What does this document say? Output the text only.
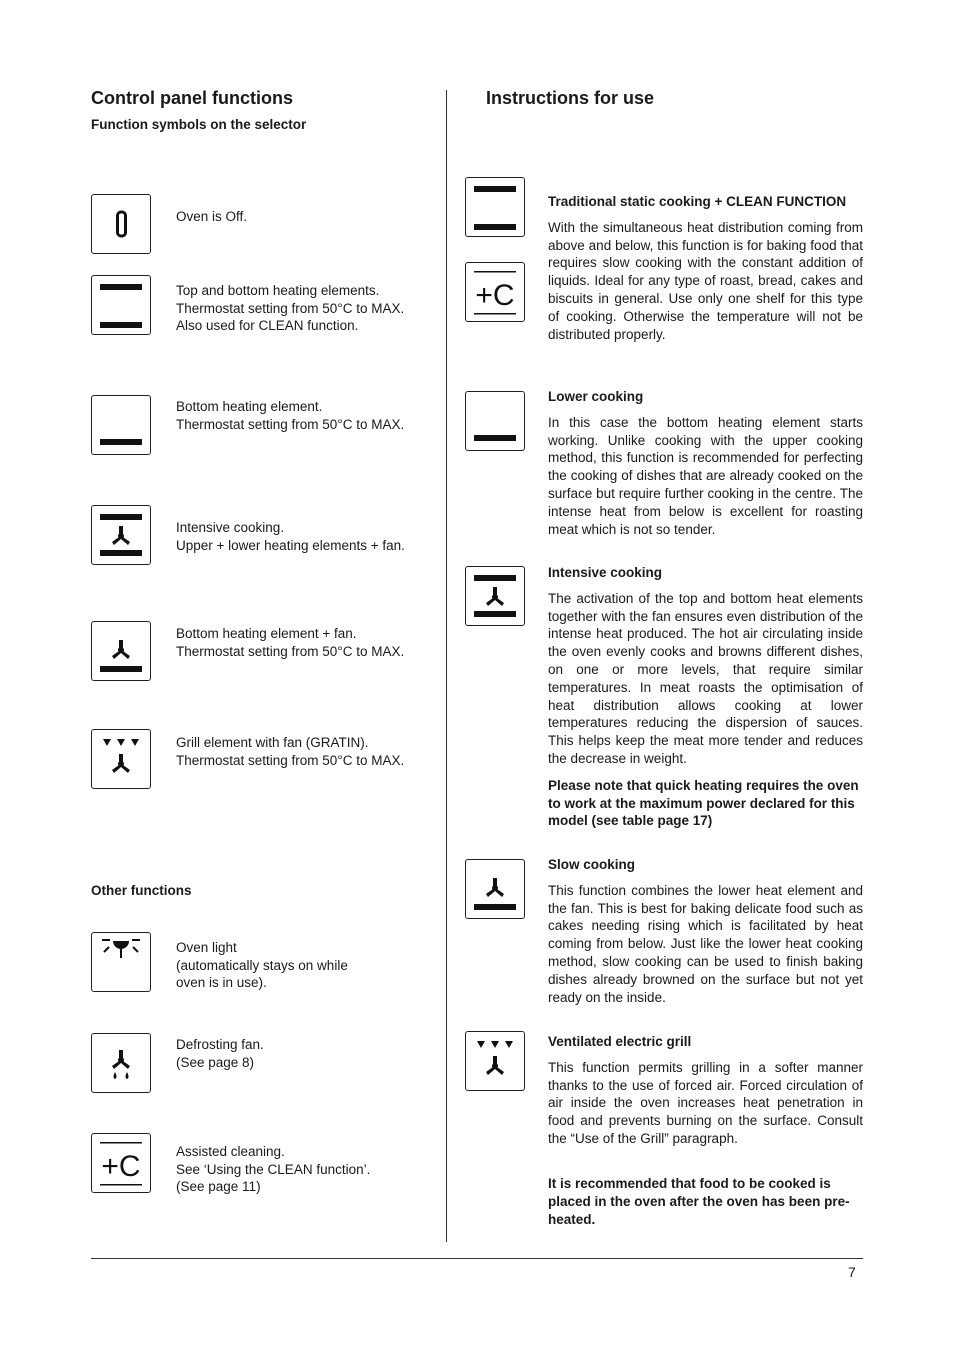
Control panel functions
Function symbols on the selector
Instructions for use
Oven is Off.
Top and bottom heating elements.
Thermostat setting from 50°C to MAX.
Also used for CLEAN function.
Bottom heating element.
Thermostat setting from 50°C to MAX.
Intensive cooking.
Upper + lower heating elements + fan.
Bottom heating element + fan.
Thermostat setting from 50°C to MAX.
Grill element with fan (GRATIN).
Thermostat setting from 50°C to MAX.
Other functions
Oven light
(automatically stays on while
oven is in use).
Defrosting fan.
(See page 8)
+C	Assisted cleaning.
See ‘Using the CLEAN function’.
(See page 11)
+C
Traditional static cooking + CLEAN FUNCTION

With the simultaneous heat distribution coming from above and below, this function is for baking food that requires slow cooking with the constant addition of liquids. Ideal for any type of roast, bread, cakes and biscuits in general. Use only one shelf for this type of cooking. Otherwise the temperature will not be distributed properly.

Lower cooking

In this case the bottom heating element starts working. Unlike cooking with the upper cooking method, this function is recommended for perfecting the cooking of dishes that are already cooked on the surface but require further cooking in the centre. The intense heat from below is excellent for roasting meat which is not so tender.

Intensive cooking

The activation of the top and bottom heat elements together with the fan ensures even distribution of the intense heat produced. The hot air circulating inside the oven evenly cooks and browns different dishes, on one or more levels, that require similar temperatures. In meat roasts the optimisation of heat distribution allows cooking at lower temperatures reducing the dispersion of sauces. This helps keep the meat more tender and reduces the decrease in weight.

Please note that quick heating requires the oven to work at the maximum power declared for this model (see table page 17)

Slow cooking

This function combines the lower heat element and the fan. This is best for baking delicate food such as cakes needing rising which is facilitated by heat coming from below. Just like the lower heat cooking method, slow cooking can be used to finish baking dishes already browned on the surface but not yet ready on the inside.

Ventilated electric grill

This function permits grilling in a softer manner thanks to the use of forced air. Forced circulation of air inside the oven increases heat penetration in food and prevents burning on the surface. Consult the “Use of the Grill” paragraph.

It is recommended that food to be cooked is placed in the oven after the oven has been pre-heated.
7
